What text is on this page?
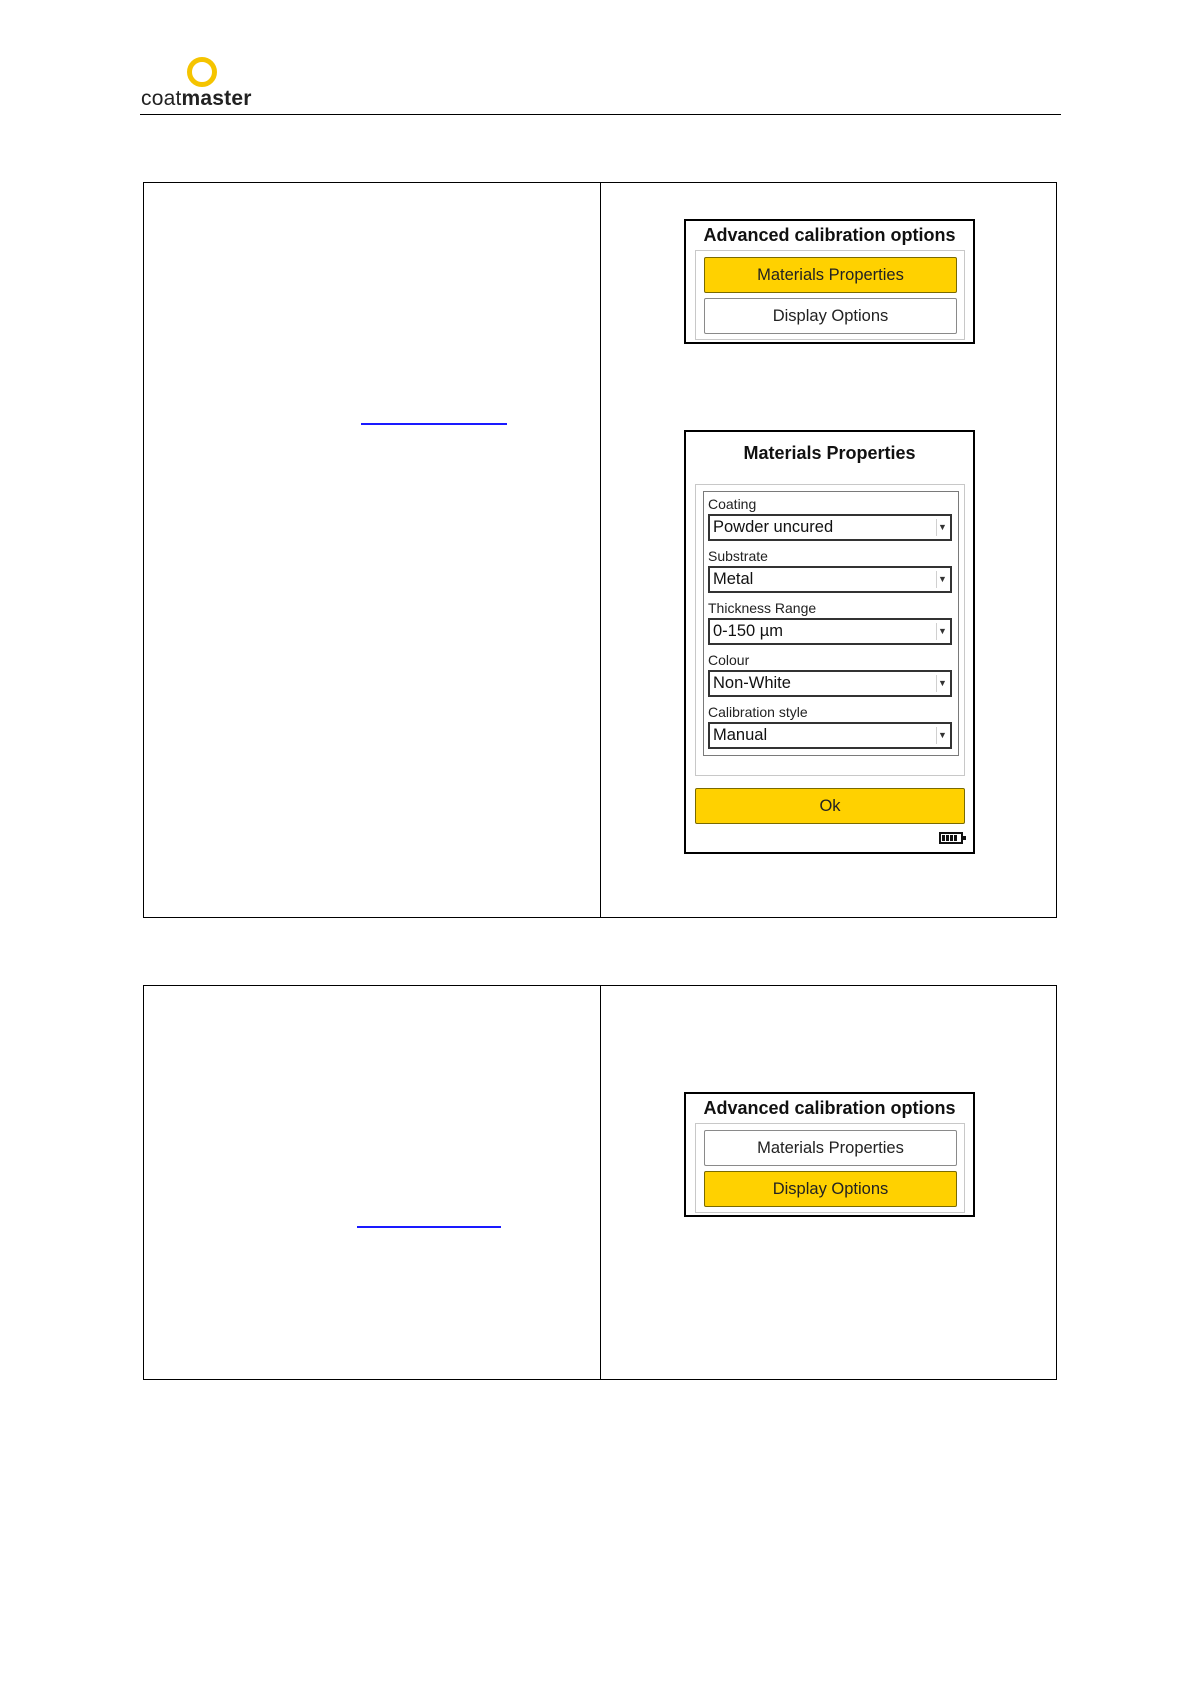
coatmaster
Advanced calibration options
Materials Properties
Display Options
Materials Properties
Coating
Powder uncured	▼
Substrate
Metal	▼
Thickness Range
0-150 µm	▼
Colour
Non-White	▼
Calibration style
Manual	▼
Ok
Advanced calibration options
Materials Properties
Display Options
